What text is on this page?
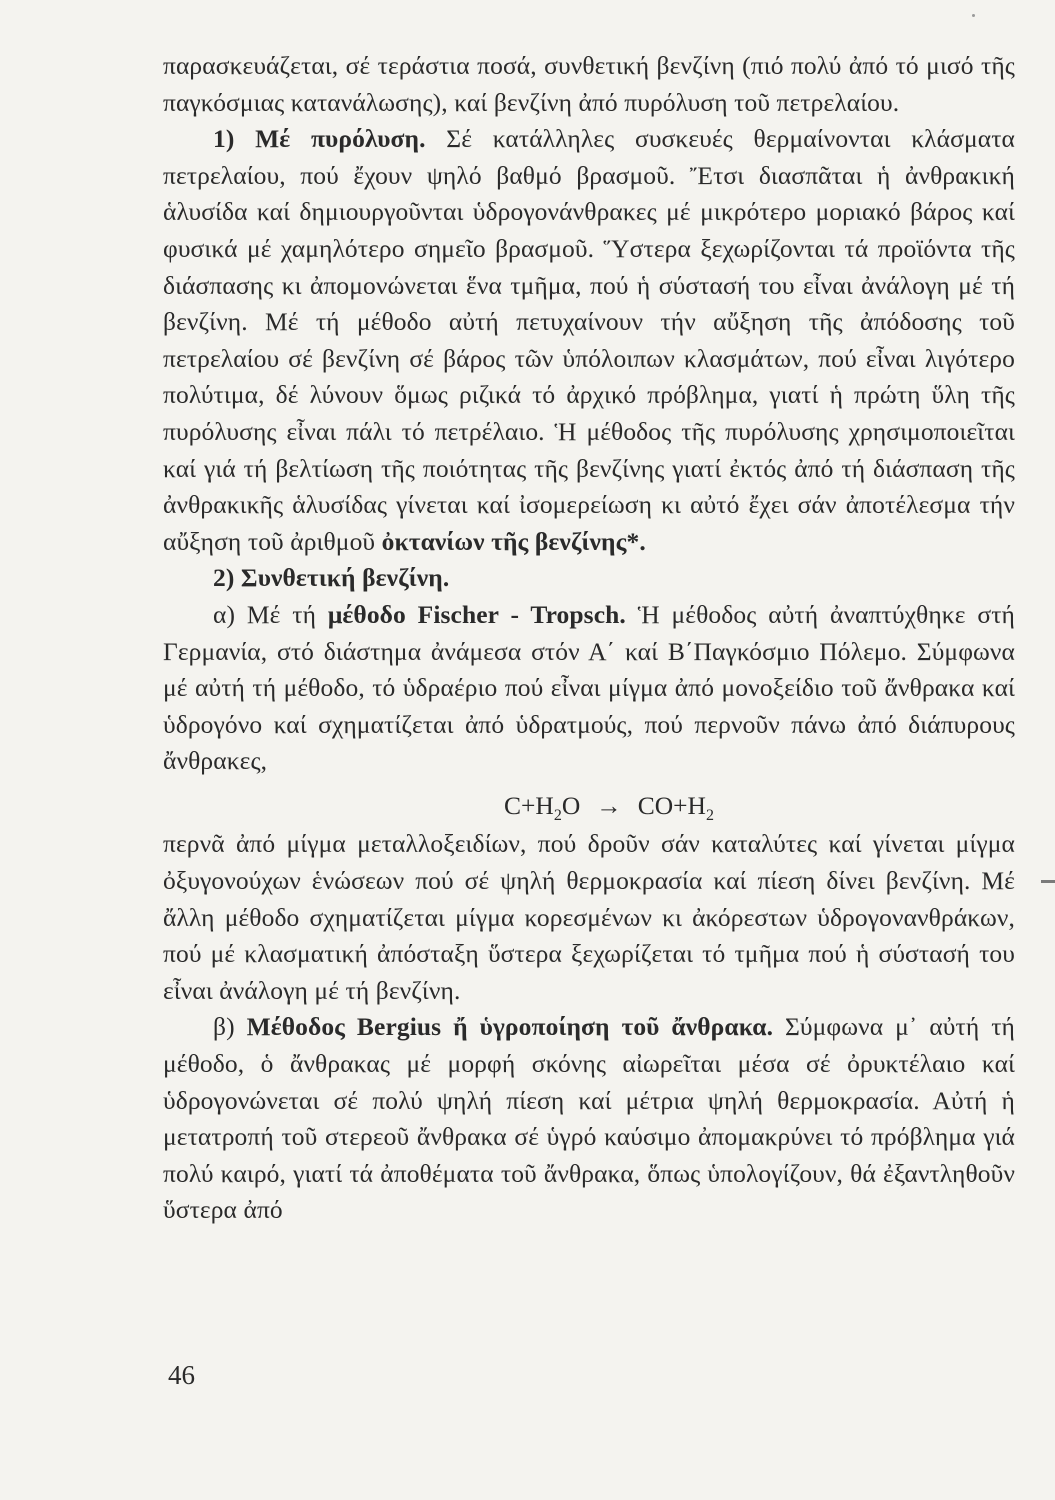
παρασκευάζεται, σέ τεράστια ποσά, συνθετική βενζίνη (πιό πολύ ἀπό τό μισό τῆς παγκόσμιας κατανάλωσης), καί βενζίνη ἀπό πυρόλυση τοῦ πετρελαίου.

1) Μέ πυρόλυση. Σέ κατάλληλες συσκευές θερμαίνονται κλάσματα πετρελαίου, πού ἔχουν ψηλό βαθμό βρασμοῦ. Ἔτσι διασπᾶται ἡ ἀνθρακική ἁλυσίδα καί δημιουργοῦνται ὑδρογονάνθρακες μέ μικρότερο μοριακό βάρος καί φυσικά μέ χαμηλότερο σημεῖο βρασμοῦ. Ὕστερα ξεχωρίζονται τά προϊόντα τῆς διάσπασης κι ἀπομονώνεται ἕνα τμῆμα, πού ἡ σύστασή του εἶναι ἀνάλογη μέ τή βενζίνη. Μέ τή μέθοδο αὐτή πετυχαίνουν τήν αὔξηση τῆς ἀπόδοσης τοῦ πετρελαίου σέ βενζίνη σέ βάρος τῶν ὑπόλοιπων κλασμάτων, πού εἶναι λιγότερο πολύτιμα, δέ λύνουν ὅμως ριζικά τό ἀρχικό πρόβλημα, γιατί ἡ πρώτη ὕλη τῆς πυρόλυσης εἶναι πάλι τό πετρέλαιο. Ἡ μέθοδος τῆς πυρόλυσης χρησιμοποιεῖται καί γιά τή βελτίωση τῆς ποιότητας τῆς βενζίνης γιατί ἐκτός ἀπό τή διάσπαση τῆς ἀνθρακικῆς ἁλυσίδας γίνεται καί ἰσομερείωση κι αὐτό ἔχει σάν ἀποτέλεσμα τήν αὔξηση τοῦ ἀριθμοῦ ὀκτανίων τῆς βενζίνης*.

2) Συνθετική βενζίνη.

α) Μέ τή μέθοδο Fischer - Tropsch. Ἡ μέθοδος αὐτή ἀναπτύχθηκε στή Γερμανία, στό διάστημα ἀνάμεσα στόν Α΄ καί Β΄Παγκόσμιο Πόλεμο. Σύμφωνα μέ αὐτή τή μέθοδο, τό ὑδραέριο πού εἶναι μίγμα ἀπό μονοξείδιο τοῦ ἄνθρακα καί ὑδρογόνο καί σχηματίζεται ἀπό ὑδρατμούς, πού περνοῦν πάνω ἀπό διάπυρους ἄνθρακες,

$C+H_2O \to CO+H_2$

περνᾶ ἀπό μίγμα μεταλλοξειδίων, πού δροῦν σάν καταλύτες καί γίνεται μίγμα ὀξυγονούχων ἑνώσεων πού σέ ψηλή θερμοκρασία καί πίεση δίνει βενζίνη. Μέ ἄλλη μέθοδο σχηματίζεται μίγμα κορεσμένων κι ἀκόρεστων ὑδρογονανθράκων, πού μέ κλασματική ἀπόσταξη ὕστερα ξεχωρίζεται τό τμῆμα πού ἡ σύστασή του εἶναι ἀνάλογη μέ τή βενζίνη.

β) Μέθοδος Bergius ἤ ὑγροποίηση τοῦ ἄνθρακα. Σύμφωνα μ᾿ αὐτή τή μέθοδο, ὁ ἄνθρακας μέ μορφή σκόνης αἰωρεῖται μέσα σέ ὀρυκτέλαιο καί ὑδρογονώνεται σέ πολύ ψηλή πίεση καί μέτρια ψηλή θερμοκρασία. Αὐτή ἡ μετατροπή τοῦ στερεοῦ ἄνθρακα σέ ὑγρό καύσιμο ἀπομακρύνει τό πρόβλημα γιά πολύ καιρό, γιατί τά ἀποθέματα τοῦ ἄνθρακα, ὅπως ὑπολογίζουν, θά ἐξαντληθοῦν ὕστερα ἀπό

46
